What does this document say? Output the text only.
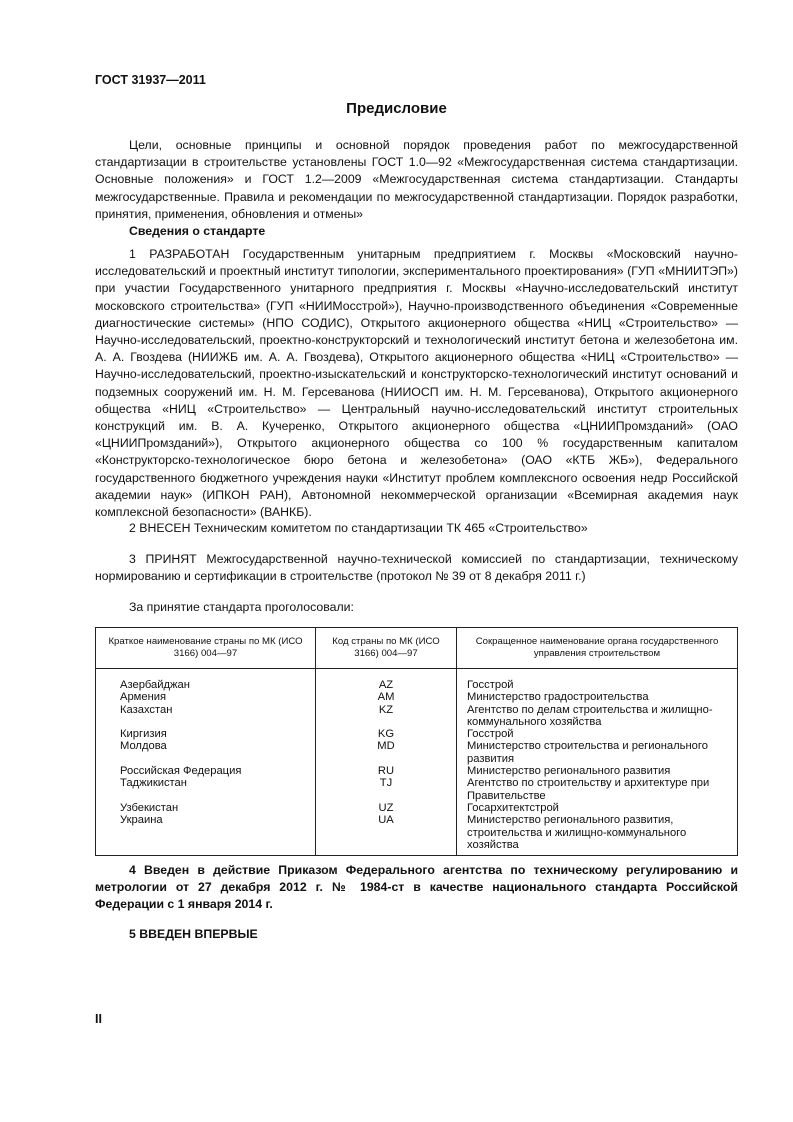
ГОСТ 31937—2011
Предисловие

Цели, основные принципы и основной порядок проведения работ по межгосударственной стандартизации в строительстве установлены ГОСТ 1.0—92 «Межгосударственная система стандартизации. Основные положения» и ГОСТ 1.2—2009 «Межгосударственная система стандартизации. Стандарты межгосударственные. Правила и рекомендации по межгосударственной стандартизации. Порядок разработки, принятия, применения, обновления и отмены»

Сведения о стандарте

1 РАЗРАБОТАН Государственным унитарным предприятием г. Москвы «Московский научно-исследовательский и проектный институт типологии, экспериментального проектирования» (ГУП «МНИИТЭП») при участии Государственного унитарного предприятия г. Москвы «Научно-исследовательский институт московского строительства» (ГУП «НИИМосстрой»), Научно-производственного объединения «Современные диагностические системы» (НПО СОДИС), Открытого акционерного общества «НИЦ «Строительство» — Научно-исследовательский, проектно-конструкторский и технологический институт бетона и железобетона им. А. А. Гвоздева (НИИЖБ им. А. А. Гвоздева), Открытого акционерного общества «НИЦ «Строительство» — Научно-исследовательский, проектно-изыскательский и конструкторско-технологический институт оснований и подземных сооружений им. Н. М. Герсеванова (НИИОСП им. Н. М. Герсеванова), Открытого акционерного общества «НИЦ «Строительство» — Центральный научно-исследовательский институт строительных конструкций им. В. А. Кучеренко, Открытого акционерного общества «ЦНИИПромзданий» (ОАО «ЦНИИПромзданий»), Открытого акционерного общества со 100 % государственным капиталом «Конструкторско-технологическое бюро бетона и железобетона» (ОАО «КТБ ЖБ»), Федерального государственного бюджетного учреждения науки «Институт проблем комплексного освоения недр Российской академии наук» (ИПКОН РАН), Автономной некоммерческой организации «Всемирная академия наук комплексной безопасности» (ВАНКБ).

2 ВНЕСЕН Техническим комитетом по стандартизации ТК 465 «Строительство»

3 ПРИНЯТ Межгосударственной научно-технической комиссией по стандартизации, техническому нормированию и сертификации в строительстве (протокол № 39 от 8 декабря 2011 г.)

За принятие стандарта проголосовали:
Краткое наименование страны по МК (ИСО 3166) 004—97	Код страны по МК (ИСО 3166) 004—97	Сокращенное наименование органа государственного управления строительством
Азербайджан	AZ	Госстрой
Армения	AM	Министерство градостроительства
Казахстан	KZ	Агентство по делам строительства и жилищно-коммунального хозяйства
Киргизия	KG	Госстрой
Молдова	MD	Министерство строительства и регионального развития
Российская Федерация	RU	Министерство регионального развития
Таджикистан	TJ	Агентство по строительству и архитектуре при Правительстве
Узбекистан	UZ	Госархитектстрой
Украина	UA	Министерство регионального развития, строительства и жилищно-коммунального хозяйства

4 Введен в действие Приказом Федерального агентства по техническому регулированию и метрологии от 27 декабря 2012 г. № 1984-ст в качестве национального стандарта Российской Федерации с 1 января 2014 г.

5 ВВЕДЕН ВПЕРВЫЕ

II
